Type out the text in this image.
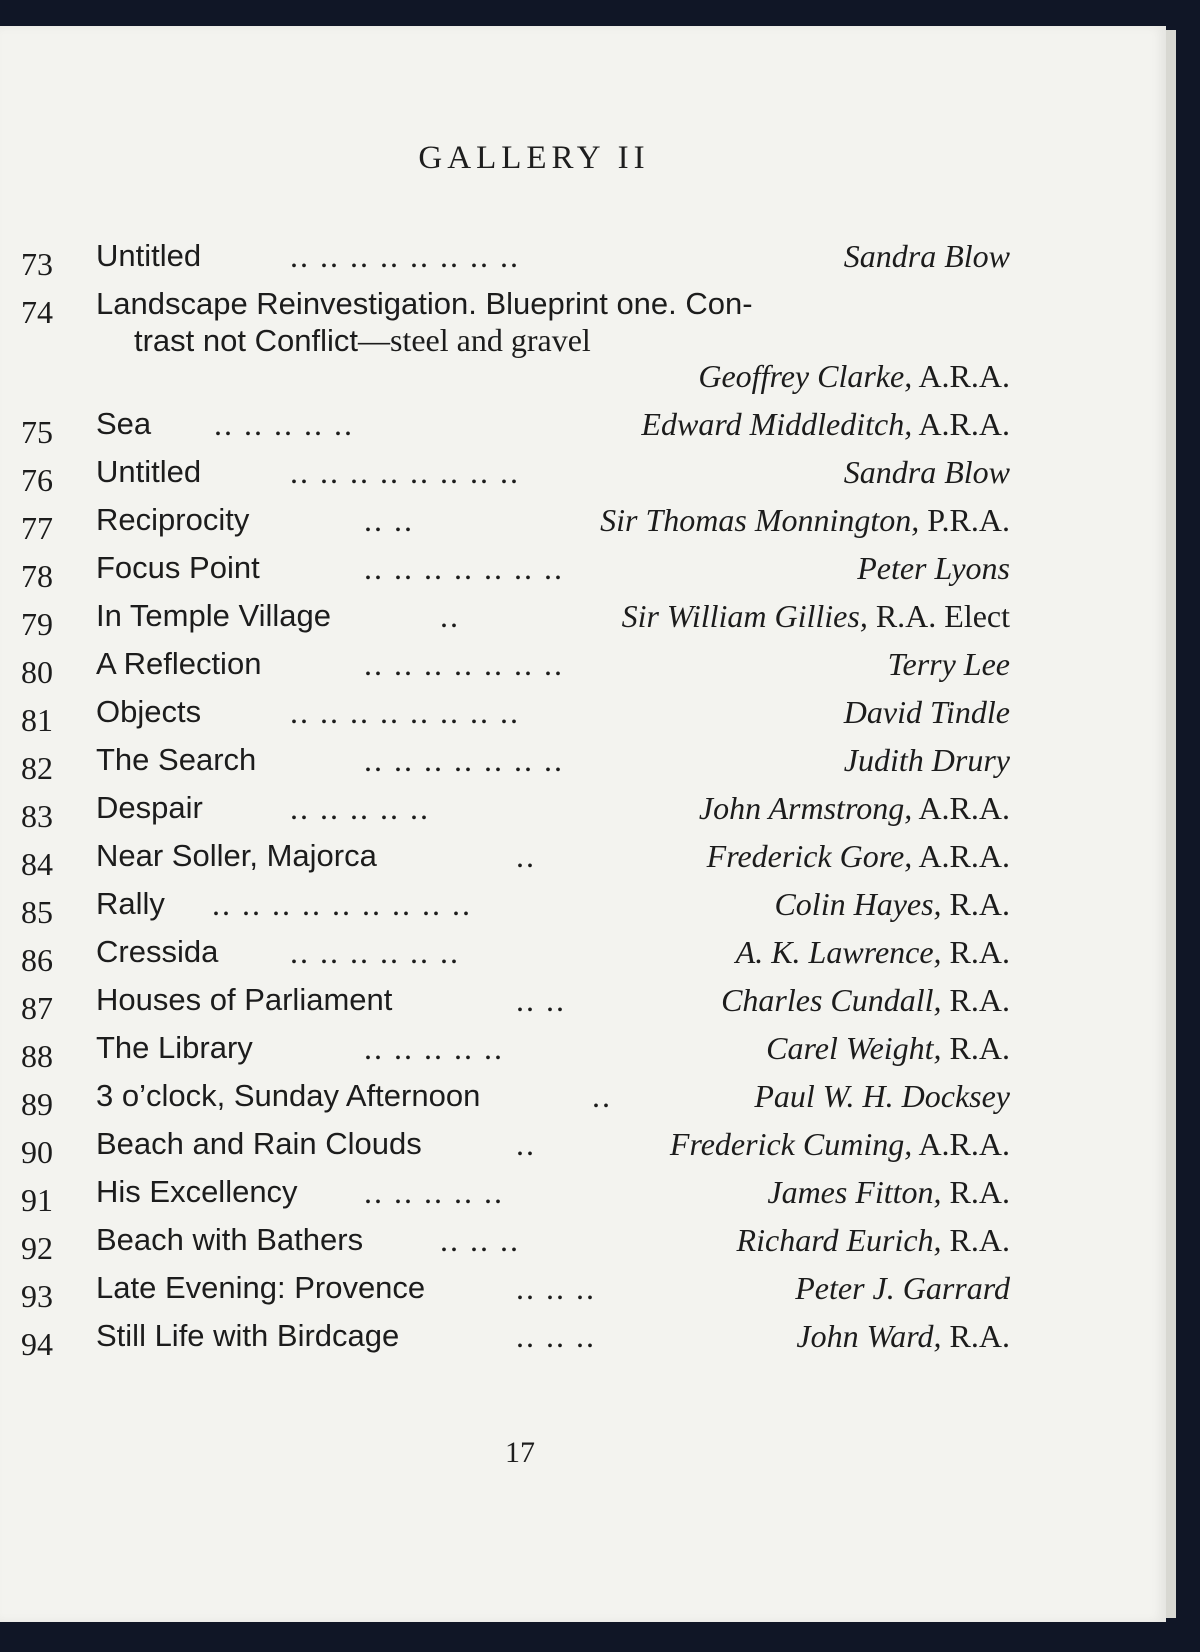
GALLERY II
73 Untitled	.. .. .. .. .. .. .. ..	Sandra Blow
74 Landscape Reinvestigation. Blueprint one. Con-
trast not Conflict—steel and gravel
Geoffrey Clarke, A.R.A.
75 Sea .. .. .. .. ..	Edward Middleditch, A.R.A.
76 Untitled	.. .. .. .. .. .. .. ..	Sandra Blow
77 Reciprocity	.. ..	Sir Thomas Monnington, P.R.A.
78 Focus Point	.. .. .. .. .. .. ..	Peter Lyons
79 In Temple Village	..	Sir William Gillies, R.A. Elect
80 A Reflection	.. .. .. .. .. .. ..	Terry Lee
81 Objects	.. .. .. .. .. .. .. ..	David Tindle
82 The Search	.. .. .. .. .. .. ..	Judith Drury
83 Despair	.. .. .. .. ..	John Armstrong, A.R.A.
84 Near Soller, Majorca	..	Frederick Gore, A.R.A.
85 Rally .. .. .. .. .. .. .. .. ..	Colin Hayes, R.A.
86 Cressida .. .. .. .. .. ..	A. K. Lawrence, R.A.
87 Houses of Parliament	.. ..	Charles Cundall, R.A.
88 The Library	.. .. .. .. ..	Carel Weight, R.A.
89 3 o’clock, Sunday Afternoon	..	Paul W. H. Docksey
90 Beach and Rain Clouds	..	Frederick Cuming, A.R.A.
91 His Excellency .. .. .. .. ..	James Fitton, R.A.
92 Beach with Bathers .. .. ..	Richard Eurich, R.A.
93 Late Evening: Provence	.. .. ..	Peter J. Garrard
94 Still Life with Birdcage	.. .. ..	John Ward, R.A.
17
